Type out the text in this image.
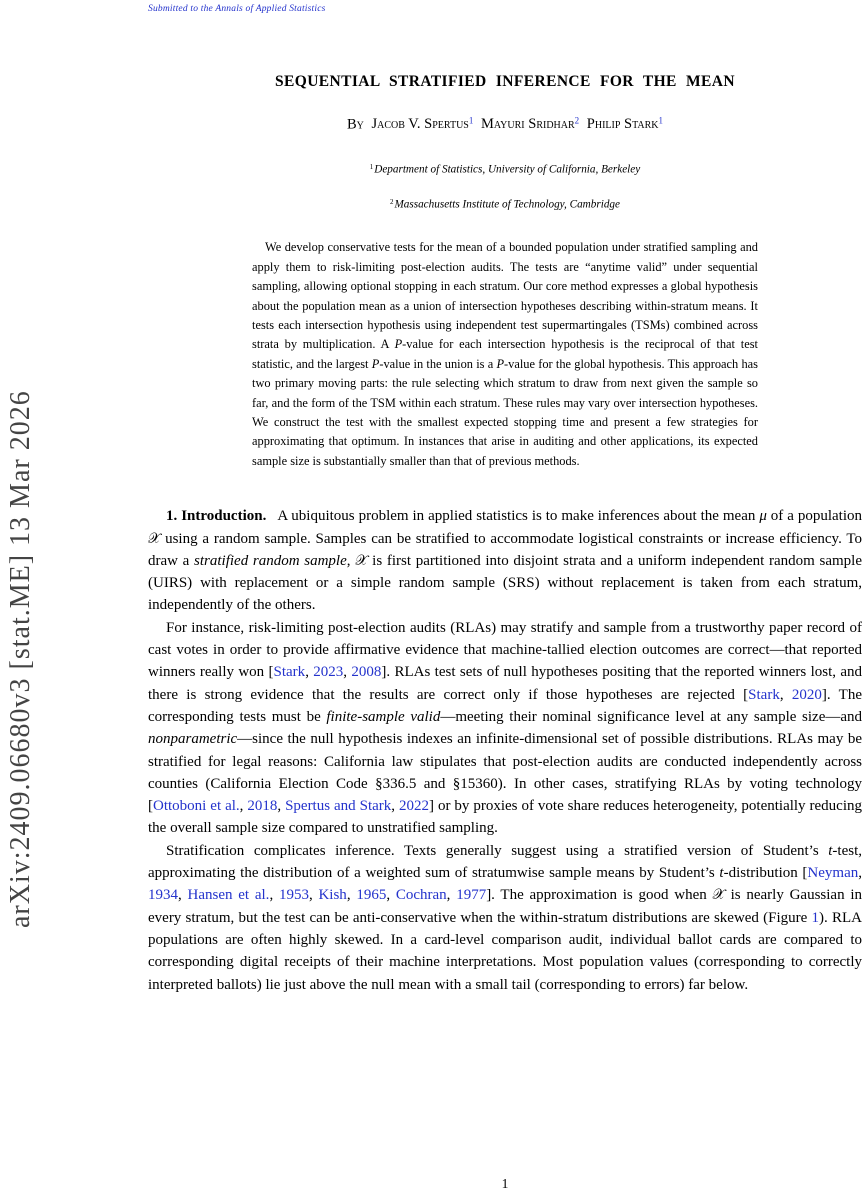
Submitted to the Annals of Applied Statistics
arXiv:2409.06680v3 [stat.ME] 13 Mar 2026
SEQUENTIAL STRATIFIED INFERENCE FOR THE MEAN
By Jacob V. Spertus$^1$ Mayuri Sridhar$^2$ Philip Stark$^1$
$^1$Department of Statistics, University of California, Berkeley
$^2$Massachusetts Institute of Technology, Cambridge

We develop conservative tests for the mean of a bounded population under stratified sampling and apply them to risk-limiting post-election audits. The tests are “anytime valid” under sequential sampling, allowing optional stopping in each stratum. Our core method expresses a global hypothesis about the population mean as a union of intersection hypotheses describing within-stratum means. It tests each intersection hypothesis using independent test supermartingales (TSMs) combined across strata by multiplication. A P-value for each intersection hypothesis is the reciprocal of that test statistic, and the largest P-value in the union is a P-value for the global hypothesis. This approach has two primary moving parts: the rule selecting which stratum to draw from next given the sample so far, and the form of the TSM within each stratum. These rules may vary over intersection hypotheses. We construct the test with the smallest expected stopping time and present a few strategies for approximating that optimum. In instances that arise in auditing and other applications, its expected sample size is substantially smaller than that of previous methods.

1. Introduction. A ubiquitous problem in applied statistics is to make inferences about the mean μ of a population 𝒳 using a random sample. Samples can be stratified to accommodate logistical constraints or increase efficiency. To draw a stratified random sample, 𝒳 is first partitioned into disjoint strata and a uniform independent random sample (UIRS) with replacement or a simple random sample (SRS) without replacement is taken from each stratum, independently of the others.

For instance, risk-limiting post-election audits (RLAs) may stratify and sample from a trustworthy paper record of cast votes in order to provide affirmative evidence that machine-tallied election outcomes are correct—that reported winners really won [Stark, 2023, 2008]. RLAs test sets of null hypotheses positing that the reported winners lost, and there is strong evidence that the results are correct only if those hypotheses are rejected [Stark, 2020]. The corresponding tests must be finite-sample valid—meeting their nominal significance level at any sample size—and nonparametric—since the null hypothesis indexes an infinite-dimensional set of possible distributions. RLAs may be stratified for legal reasons: California law stipulates that post-election audits are conducted independently across counties (California Election Code §336.5 and §15360). In other cases, stratifying RLAs by voting technology [Ottoboni et al., 2018, Spertus and Stark, 2022] or by proxies of vote share reduces heterogeneity, potentially reducing the overall sample size compared to unstratified sampling.

Stratification complicates inference. Texts generally suggest using a stratified version of Student’s t-test, approximating the distribution of a weighted sum of stratumwise sample means by Student’s t-distribution [Neyman, 1934, Hansen et al., 1953, Kish, 1965, Cochran, 1977]. The approximation is good when 𝒳 is nearly Gaussian in every stratum, but the test can be anti-conservative when the within-stratum distributions are skewed (Figure 1). RLA populations are often highly skewed. In a card-level comparison audit, individual ballot cards are compared to corresponding digital receipts of their machine interpretations. Most population values (corresponding to correctly interpreted ballots) lie just above the null mean with a small tail (corresponding to errors) far below.

1
